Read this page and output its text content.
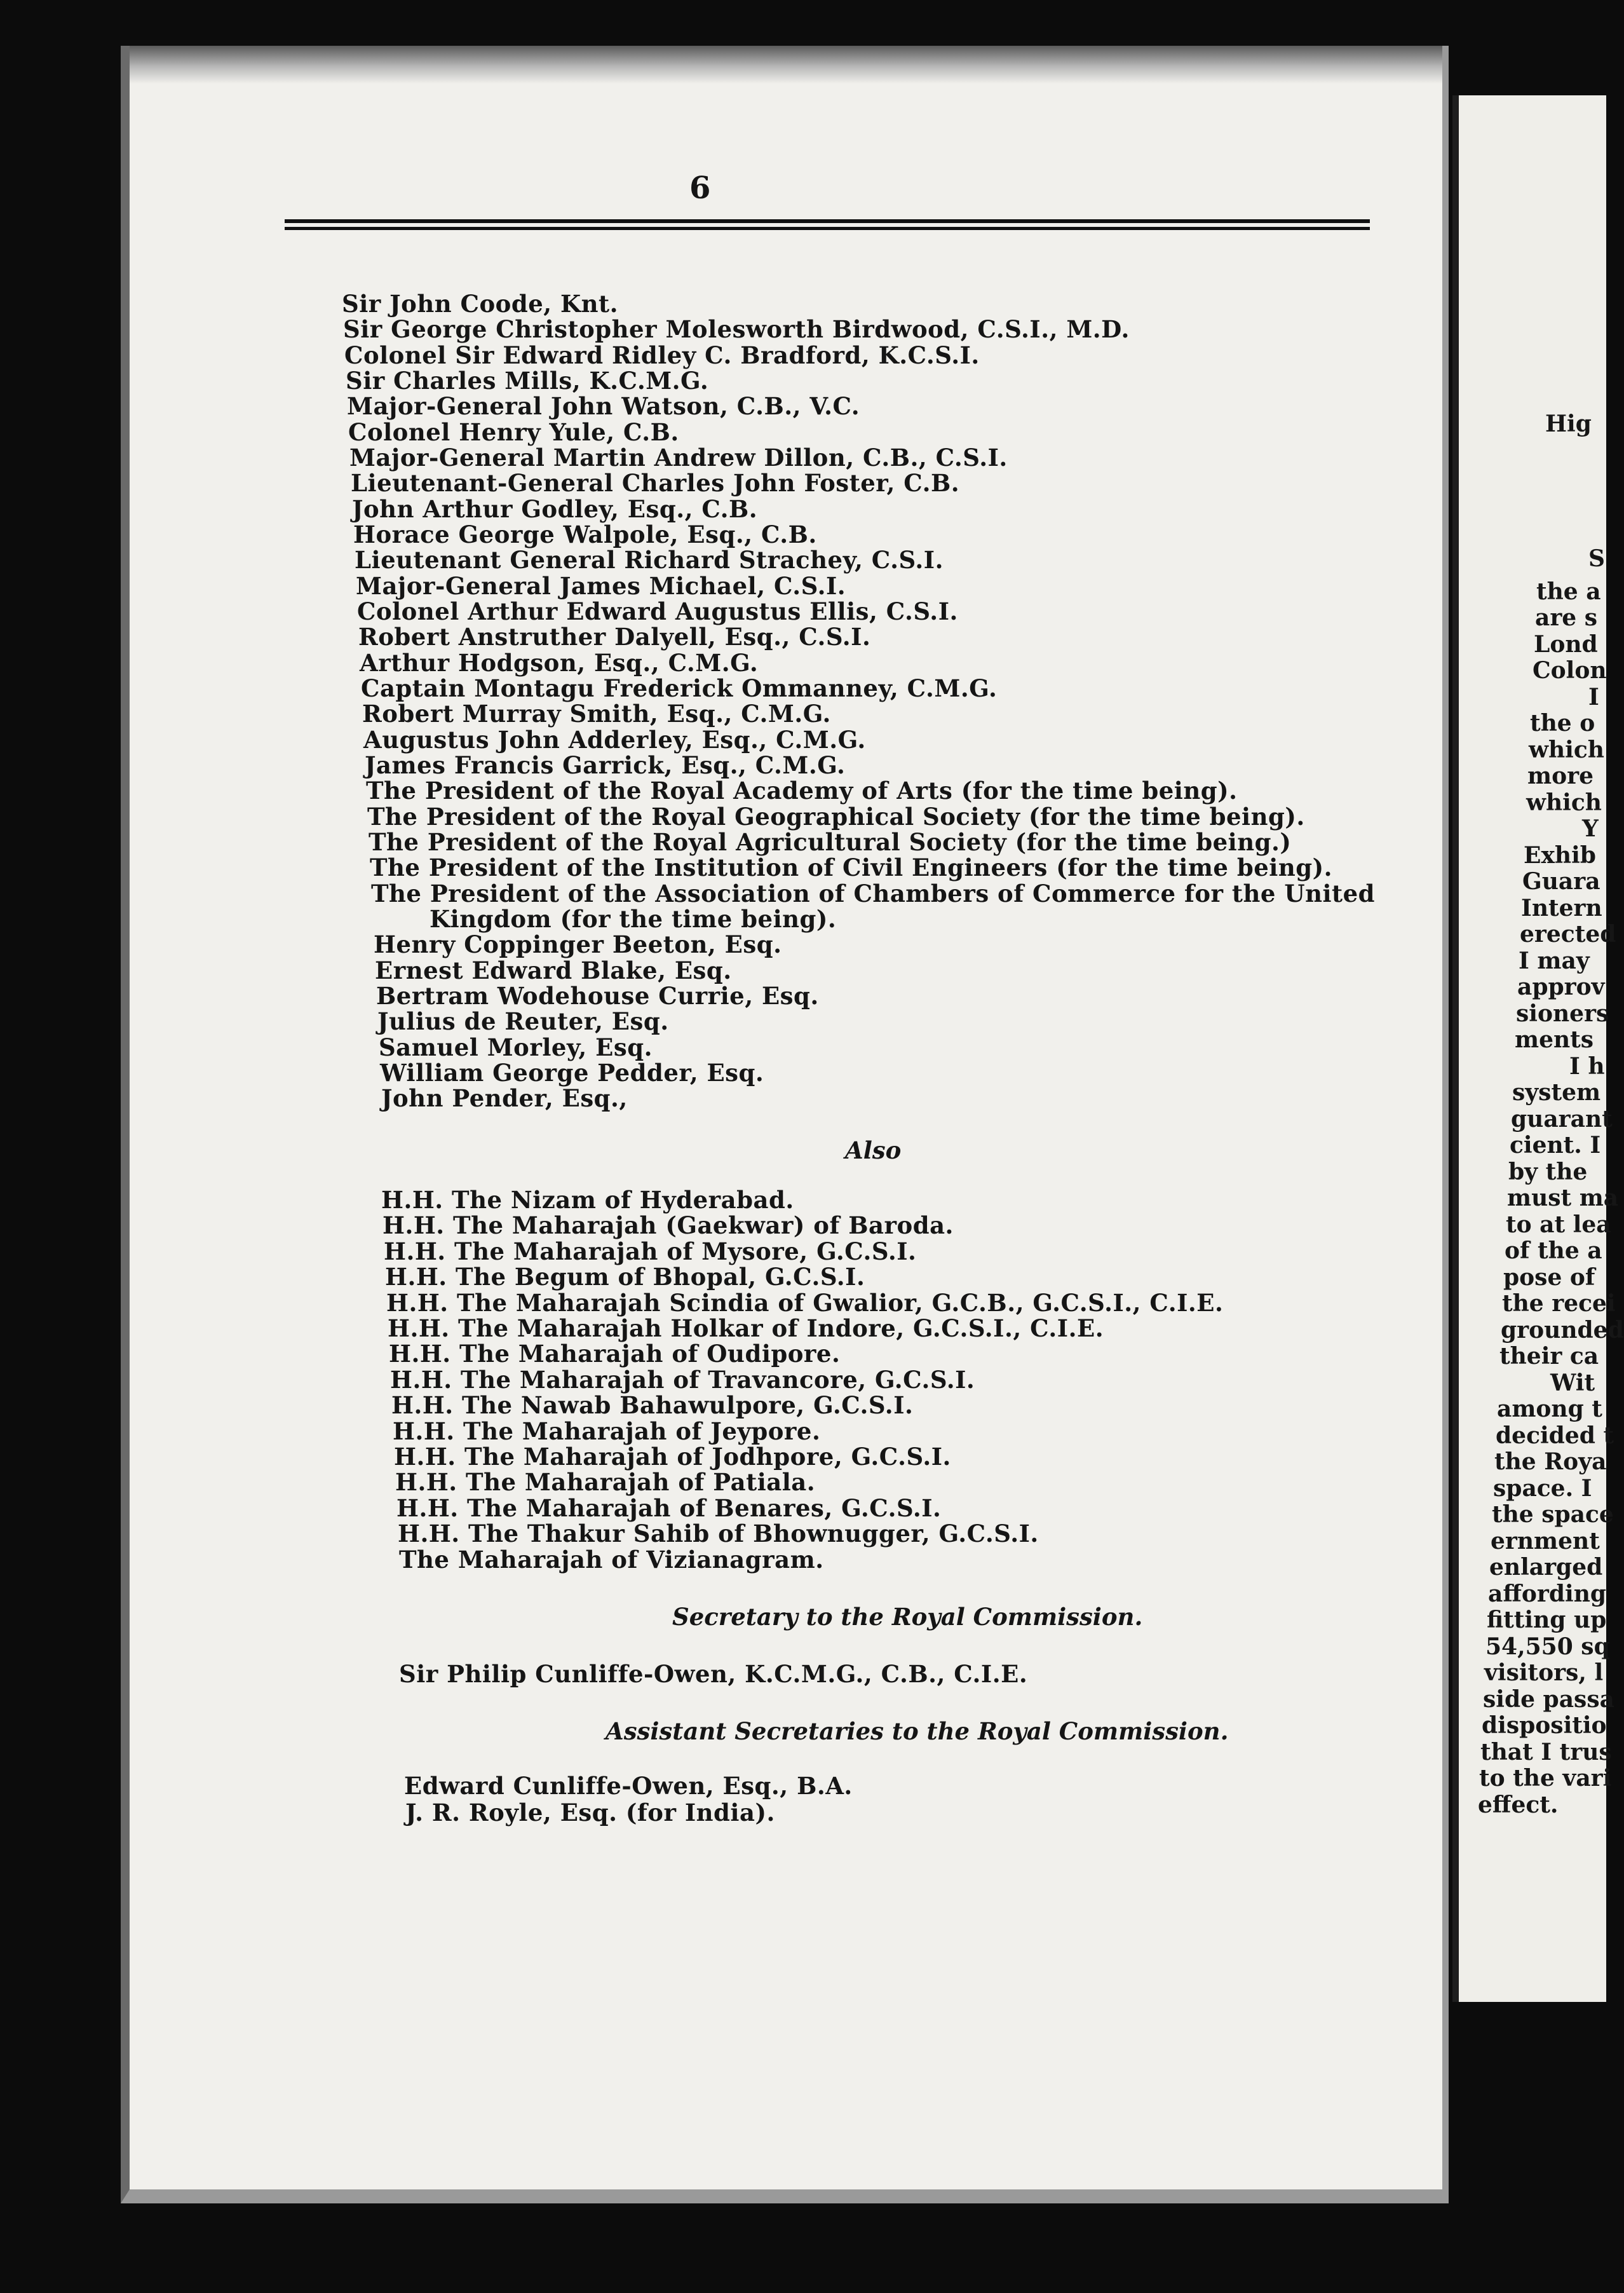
6
Sir John Coode, Knt.
Sir George Christopher Molesworth Birdwood, C.S.I., M.D.
Colonel Sir Edward Ridley C. Bradford, K.C.S.I.
Sir Charles Mills, K.C.M.G.
Major-General John Watson, C.B., V.C.
Colonel Henry Yule, C.B.
Major-General Martin Andrew Dillon, C.B., C.S.I.
Lieutenant-General Charles John Foster, C.B.
John Arthur Godley, Esq., C.B.
Horace George Walpole, Esq., C.B.
Lieutenant General Richard Strachey, C.S.I.
Major-General James Michael, C.S.I.
Colonel Arthur Edward Augustus Ellis, C.S.I.
Robert Anstruther Dalyell, Esq., C.S.I.
Arthur Hodgson, Esq., C.M.G.
Captain Montagu Frederick Ommanney, C.M.G.
Robert Murray Smith, Esq., C.M.G.
Augustus John Adderley, Esq., C.M.G.
James Francis Garrick, Esq., C.M.G.
The President of the Royal Academy of Arts (for the time being).
The President of the Royal Geographical Society (for the time being).
The President of the Royal Agricultural Society (for the time being.)
The President of the Institution of Civil Engineers (for the time being).
The President of the Association of Chambers of Commerce for the United
Kingdom (for the time being).
Henry Coppinger Beeton, Esq.
Ernest Edward Blake, Esq.
Bertram Wodehouse Currie, Esq.
Julius de Reuter, Esq.
Samuel Morley, Esq.
William George Pedder, Esq.
John Pender, Esq.,
Also
H.H. The Nizam of Hyderabad.
H.H. The Maharajah (Gaekwar) of Baroda.
H.H. The Maharajah of Mysore, G.C.S.I.
H.H. The Begum of Bhopal, G.C.S.I.
H.H. The Maharajah Scindia of Gwalior, G.C.B., G.C.S.I., C.I.E.
H.H. The Maharajah Holkar of Indore, G.C.S.I., C.I.E.
H.H. The Maharajah of Oudipore.
H.H. The Maharajah of Travancore, G.C.S.I.
H.H. The Nawab Bahawulpore, G.C.S.I.
H.H. The Maharajah of Jeypore.
H.H. The Maharajah of Jodhpore, G.C.S.I.
H.H. The Maharajah of Patiala.
H.H. The Maharajah of Benares, G.C.S.I.
H.H. The Thakur Sahib of Bhownugger, G.C.S.I.
The Maharajah of Vizianagram.
Secretary to the Royal Commission.
Sir Philip Cunliffe-Owen, K.C.M.G., C.B., C.I.E.
Assistant Secretaries to the Royal Commission.
Edward Cunliffe-Owen, Esq., B.A.
J. R. Royle, Esq. (for India).
Hig
S
the a
are s
Lond
Colon
I
the o
which
more
which
Y
Exhib
Guara
Intern
erected
I may
approv
sioners
ments
I h
system
guarant
cient. I
by the
must ma
to at lea
of the a
pose of
the recei
grounded
their ca
Wit
among t
decided t
the Roya
space. I
the space
ernment
enlarged
affording
fitting up
54,550 sq
visitors, l
side passa
dispositio
that I trus
to the vari
effect.
